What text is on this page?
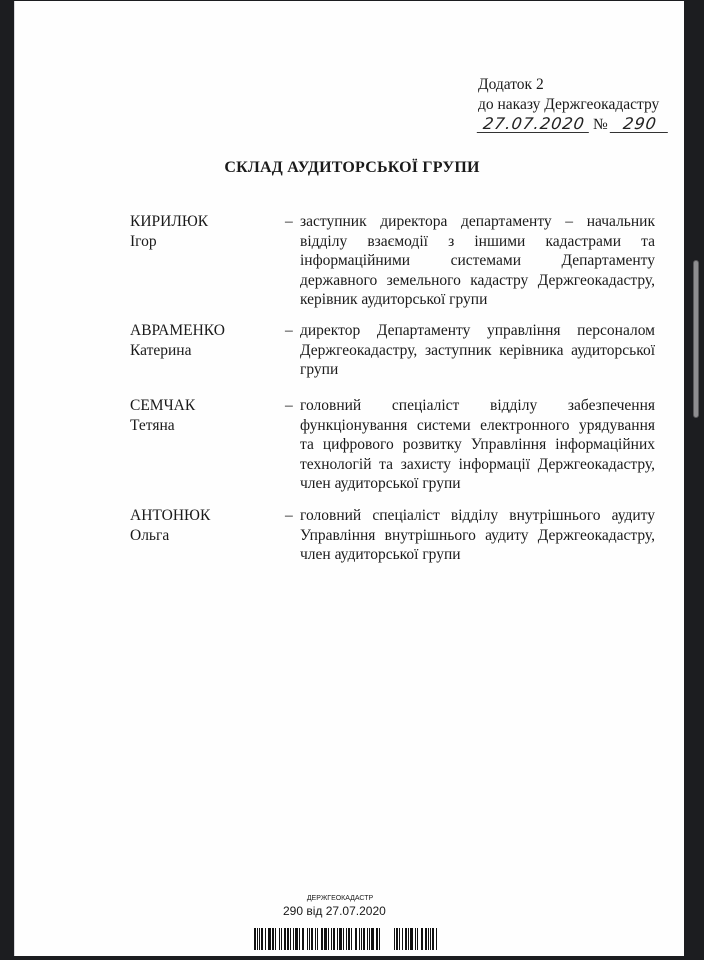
Додаток 2
до наказу Держгеокадастру
27.07.2020 № 290
СКЛАД АУДИТОРСЬКОЇ ГРУПИ
КИРИЛЮК
Ігор
– заступник директора департаменту – начальник відділу взаємодії з іншими кадастрами та інформаційними системами Департаменту державного земельного кадастру Держгеокадастру, керівник аудиторської групи
АВРАМЕНКО
Катерина
– директор Департаменту управління персоналом Держгеокадастру, заступник керівника аудиторської групи
СЕМЧАК
Тетяна
– головний спеціаліст відділу забезпечення функціонування системи електронного урядування та цифрового розвитку Управління інформаційних технологій та захисту інформації Держгеокадастру, член аудиторської групи
АНТОНЮК
Ольга
– головний спеціаліст відділу внутрішнього аудиту Управління внутрішнього аудиту Держгеокадастру, член аудиторської групи
ДЕРЖГЕОКАДАСТР
290 від 27.07.2020
